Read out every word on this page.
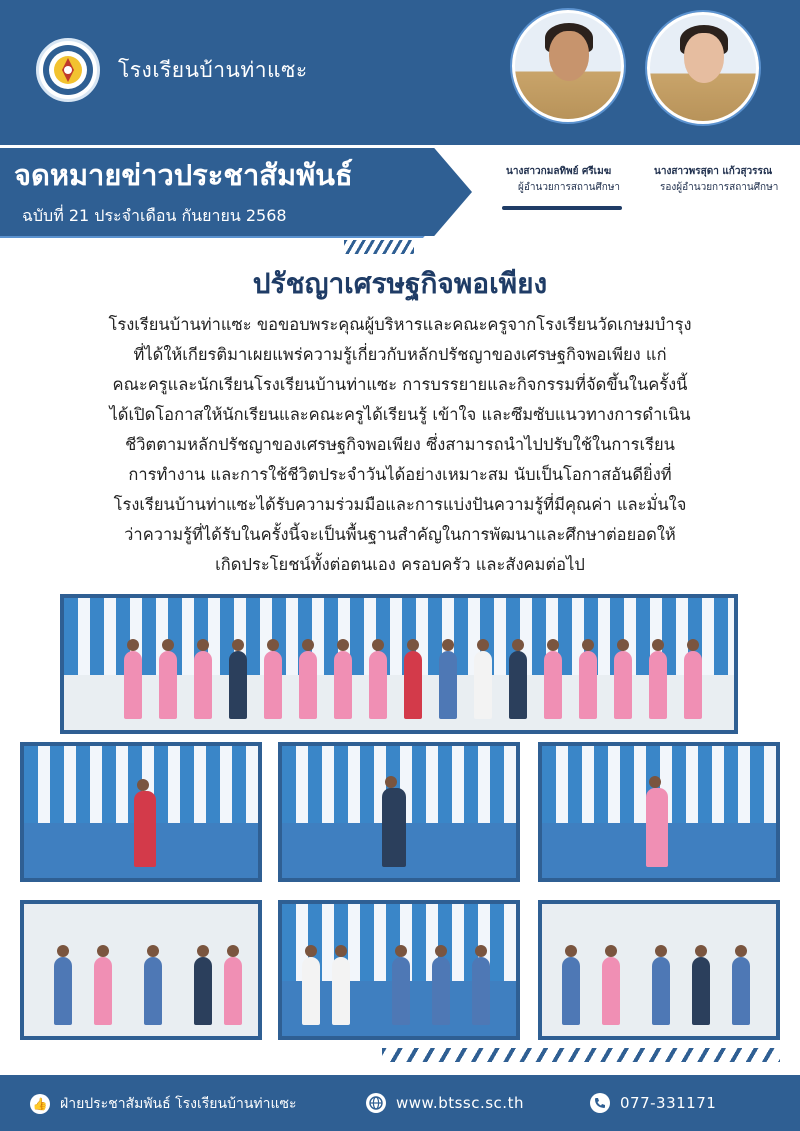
โรงเรียนบ้านท่าแซะ
จดหมายข่าวประชาสัมพันธ์
ฉบับที่ 21 ประจำเดือน กันยายน 2568
นางสาวกมลทิพย์ ศรีเมฆ
ผู้อำนวยการสถานศึกษา
นางสาวพรสุดา แก้วสุวรรณ
รองผู้อำนวยการสถานศึกษา
ปรัชญาเศรษฐกิจพอเพียง
โรงเรียนบ้านท่าแซะ ขอขอบพระคุณผู้บริหารและคณะครูจากโรงเรียนวัดเกษมบำรุง
ที่ได้ให้เกียรติมาเผยแพร่ความรู้เกี่ยวกับหลักปรัชญาของเศรษฐกิจพอเพียง แก่
คณะครูและนักเรียนโรงเรียนบ้านท่าแซะ การบรรยายและกิจกรรมที่จัดขึ้นในครั้งนี้
ได้เปิดโอกาสให้นักเรียนและคณะครูได้เรียนรู้ เข้าใจ และซึมซับแนวทางการดำเนิน
ชีวิตตามหลักปรัชญาของเศรษฐกิจพอเพียง ซึ่งสามารถนำไปปรับใช้ในการเรียน
การทำงาน และการใช้ชีวิตประจำวันได้อย่างเหมาะสม นับเป็นโอกาสอันดียิ่งที่
โรงเรียนบ้านท่าแซะได้รับความร่วมมือและการแบ่งปันความรู้ที่มีคุณค่า และมั่นใจ
ว่าความรู้ที่ได้รับในครั้งนี้จะเป็นพื้นฐานสำคัญในการพัฒนาและศึกษาต่อยอดให้
เกิดประโยชน์ทั้งต่อตนเอง ครอบครัว และสังคมต่อไป
👍 ฝ่ายประชาสัมพันธ์ โรงเรียนบ้านท่าแซะ	www.btssc.sc.th	077-331171
